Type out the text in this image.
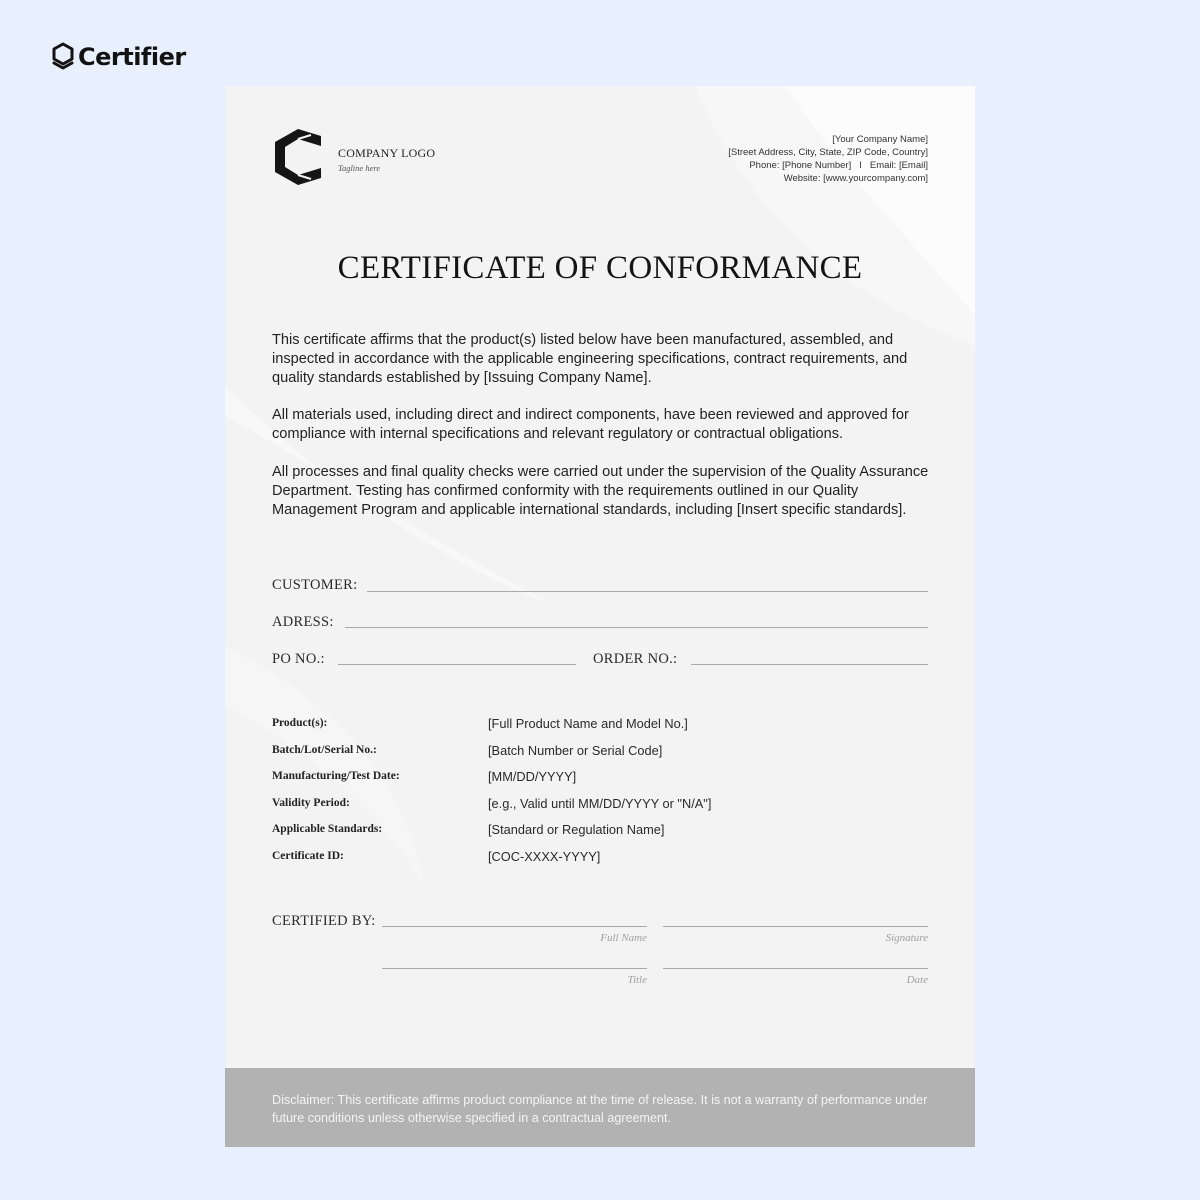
Certifier
COMPANY LOGO
Tagline here
[Your Company Name]
[Street Address, City, State, ZIP Code, Country]
Phone: [Phone Number] I Email: [Email]
Website: [www.yourcompany.com]
CERTIFICATE OF CONFORMANCE
This certificate affirms that the product(s) listed below have been manufactured, assembled, and inspected in accordance with the applicable engineering specifications, contract requirements, and quality standards established by [Issuing Company Name].
All materials used, including direct and indirect components, have been reviewed and approved for compliance with internal specifications and relevant regulatory or contractual obligations.
All processes and final quality checks were carried out under the supervision of the Quality Assurance Department. Testing has confirmed conformity with the requirements outlined in our Quality Management Program and applicable international standards, including [Insert specific standards].
CUSTOMER:
ADRESS:
PO NO.:	ORDER NO.:
Product(s):	[Full Product Name and Model No.]
Batch/Lot/Serial No.:	[Batch Number or Serial Code]
Manufacturing/Test Date:	[MM/DD/YYYY]
Validity Period:	[e.g., Valid until MM/DD/YYYY or "N/A"]
Applicable Standards:	[Standard or Regulation Name]
Certificate ID:	[COC-XXXX-YYYY]
CERTIFIED BY:
Full Name	Signature
Title	Date
Disclaimer: This certificate affirms product compliance at the time of release. It is not a warranty of performance under future conditions unless otherwise specified in a contractual agreement.
